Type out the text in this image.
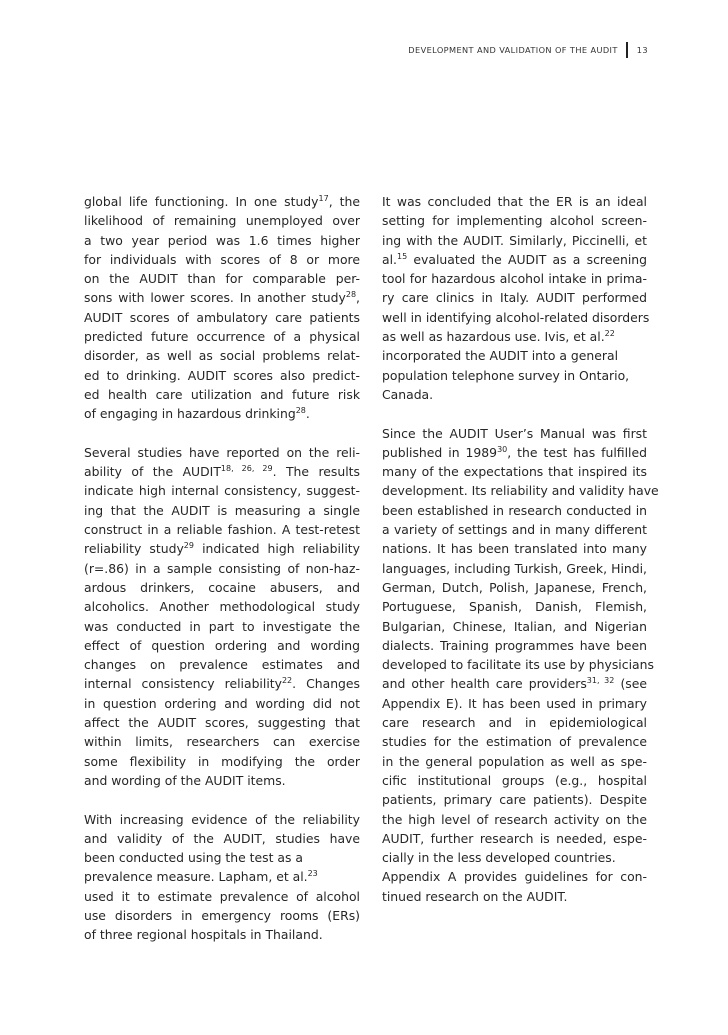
DEVELOPMENT AND VALIDATION OF THE AUDIT 13
global life functioning. In one study$^{17}$, the
likelihood of remaining unemployed over
a two year period was 1.6 times higher
for individuals with scores of 8 or more
on the AUDIT than for comparable per-
sons with lower scores. In another study$^{28}$,
AUDIT scores of ambulatory care patients
predicted future occurrence of a physical
disorder, as well as social problems relat-
ed to drinking. AUDIT scores also predict-
ed health care utilization and future risk
of engaging in hazardous drinking$^{28}$.
Several studies have reported on the reli-
ability of the AUDIT$^{18, 26, 29}$. The results
indicate high internal consistency, suggest-
ing that the AUDIT is measuring a single
construct in a reliable fashion. A test-retest
reliability study$^{29}$ indicated high reliability
(r=.86) in a sample consisting of non-haz-
ardous drinkers, cocaine abusers, and
alcoholics. Another methodological study
was conducted in part to investigate the
effect of question ordering and wording
changes on prevalence estimates and
internal consistency reliability$^{22}$. Changes
in question ordering and wording did not
affect the AUDIT scores, suggesting that
within limits, researchers can exercise
some flexibility in modifying the order
and wording of the AUDIT items.
With increasing evidence of the reliability
and validity of the AUDIT, studies have
been conducted using the test as a
prevalence measure. Lapham, et al.$^{23}$
used it to estimate prevalence of alcohol
use disorders in emergency rooms (ERs)
of three regional hospitals in Thailand.
It was concluded that the ER is an ideal
setting for implementing alcohol screen-
ing with the AUDIT. Similarly, Piccinelli, et
al.$^{15}$ evaluated the AUDIT as a screening
tool for hazardous alcohol intake in prima-
ry care clinics in Italy. AUDIT performed
well in identifying alcohol-related disorders
as well as hazardous use. Ivis, et al.$^{22}$
incorporated the AUDIT into a general
population telephone survey in Ontario,
Canada.
Since the AUDIT User’s Manual was first
published in 1989$^{30}$, the test has fulfilled
many of the expectations that inspired its
development. Its reliability and validity have
been established in research conducted in
a variety of settings and in many different
nations. It has been translated into many
languages, including Turkish, Greek, Hindi,
German, Dutch, Polish, Japanese, French,
Portuguese, Spanish, Danish, Flemish,
Bulgarian, Chinese, Italian, and Nigerian
dialects. Training programmes have been
developed to facilitate its use by physicians
and other health care providers$^{31, 32}$ (see
Appendix E). It has been used in primary
care research and in epidemiological
studies for the estimation of prevalence
in the general population as well as spe-
cific institutional groups (e.g., hospital
patients, primary care patients). Despite
the high level of research activity on the
AUDIT, further research is needed, espe-
cially in the less developed countries.
Appendix A provides guidelines for con-
tinued research on the AUDIT.
